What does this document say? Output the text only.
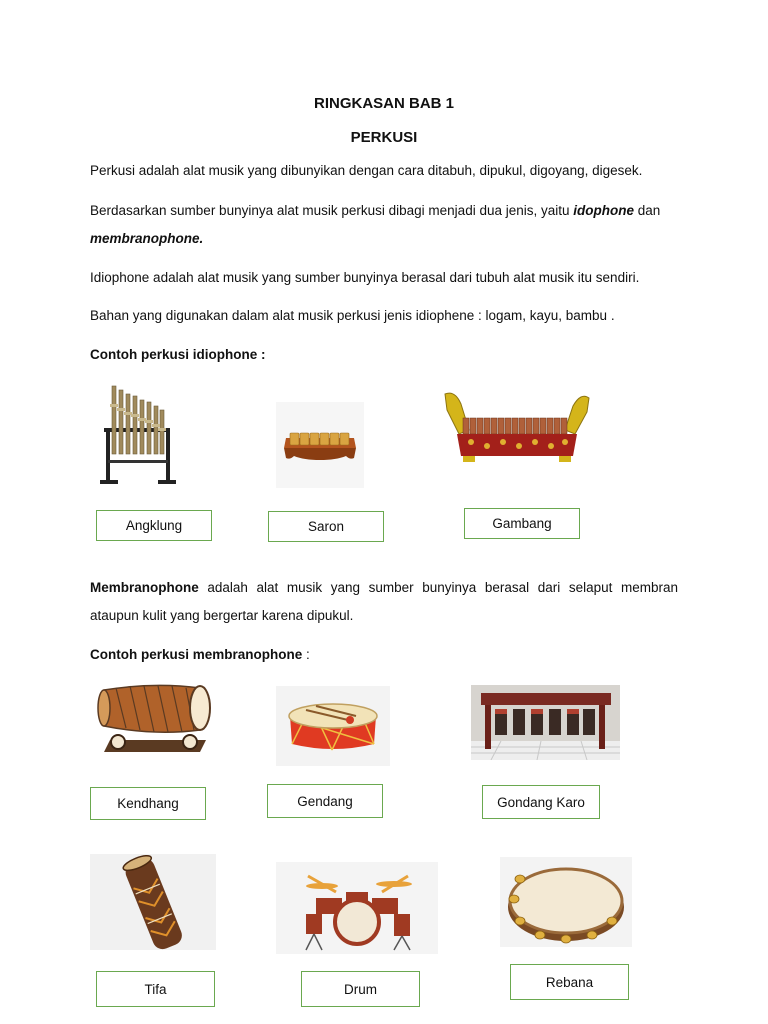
RINGKASAN BAB 1
PERKUSI

Perkusi adalah alat musik yang dibunyikan dengan cara ditabuh, dipukul, digoyang, digesek.

Berdasarkan sumber bunyinya alat musik perkusi dibagi menjadi dua jenis, yaitu idophone dan membranophone.

Idiophone adalah alat musik yang sumber bunyinya berasal dari tubuh alat musik itu sendiri.

Bahan yang digunakan dalam alat musik perkusi jenis idiophene : logam, kayu, bambu .

Contoh perkusi idiophone :
Angklung	Saron	Gambang

Membranophone adalah alat musik yang sumber bunyinya berasal dari selaput membran ataupun kulit yang bergertar karena dipukul.

Contoh perkusi membranophone :
Kendhang	Gendang	Gondang Karo
Tifa	Drum	Rebana
